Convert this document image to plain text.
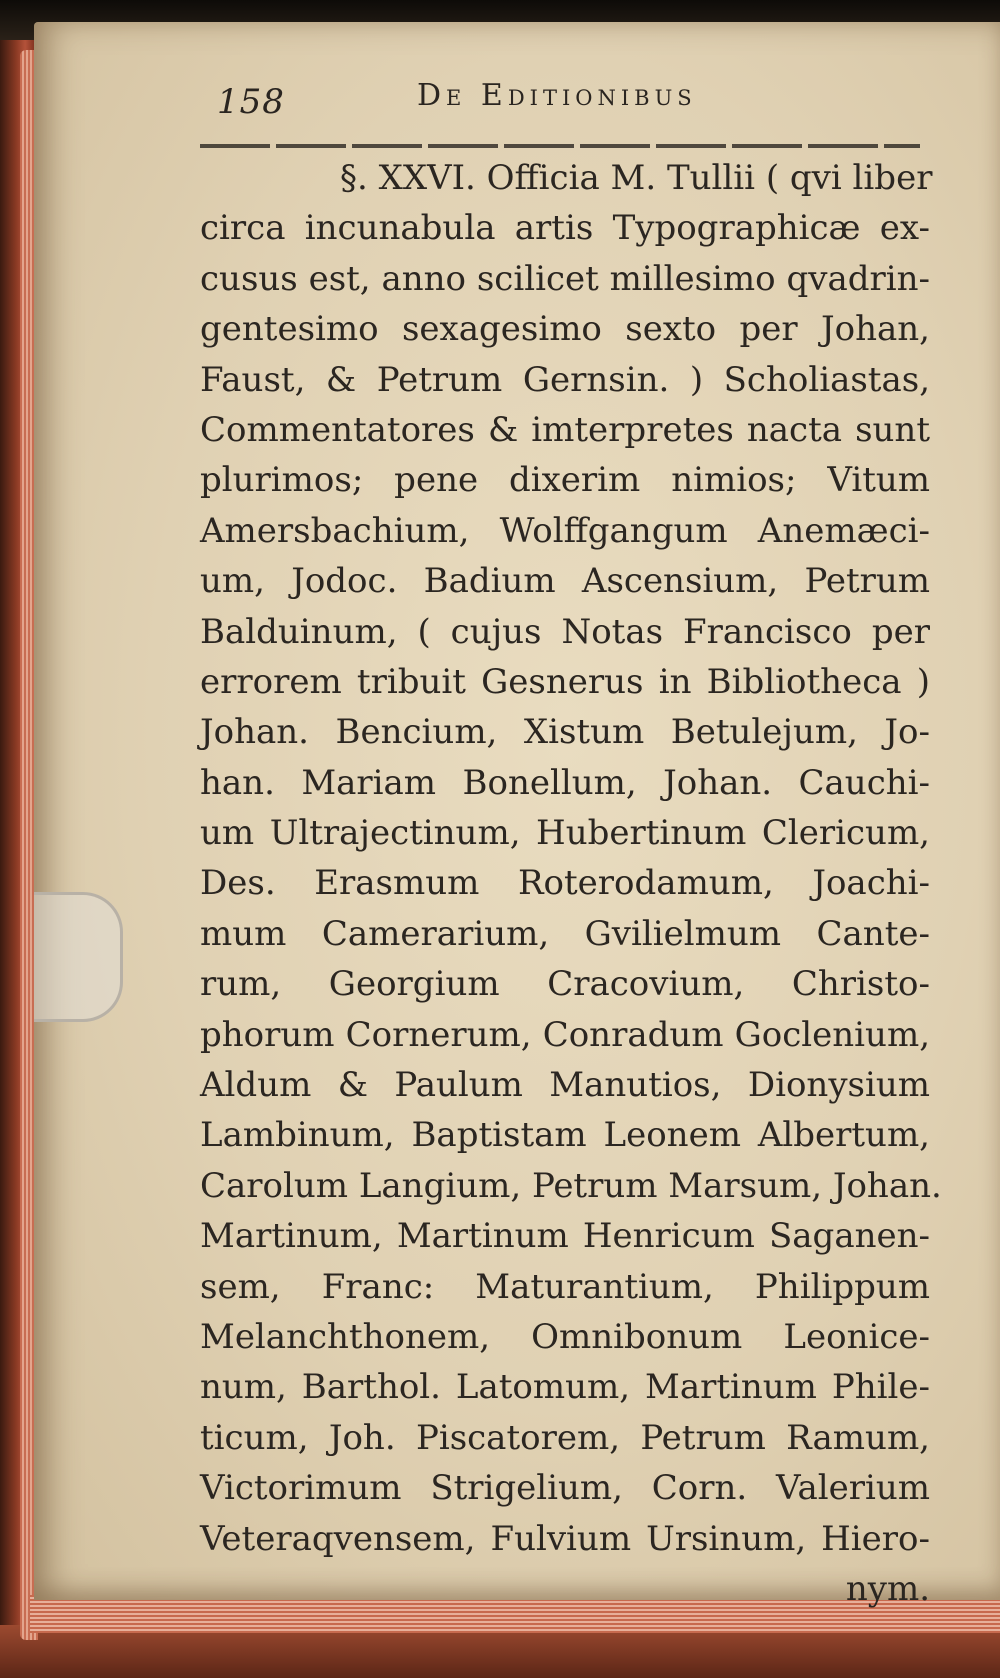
158	De Editionibus
§. XXVI. Officia M. Tullii ( qvi liber
circa incunabula artis Typographicæ ex-
cusus est, anno scilicet millesimo qvadrin-
gentesimo sexagesimo sexto per Johan,
Faust, & Petrum Gernsin. ) Scholiastas,
Commentatores & imterpretes nacta sunt
plurimos; pene dixerim nimios; Vitum
Amersbachium, Wolffgangum Anemæci-
um, Jodoc. Badium Ascensium, Petrum
Balduinum, ( cujus Notas Francisco per
errorem tribuit Gesnerus in Bibliotheca )
Johan. Bencium, Xistum Betulejum, Jo-
han. Mariam Bonellum, Johan. Cauchi-
um Ultrajectinum, Hubertinum Clericum,
Des. Erasmum Roterodamum, Joachi-
mum Camerarium, Gvilielmum Cante-
rum, Georgium Cracovium, Christo-
phorum Cornerum, Conradum Goclenium,
Aldum & Paulum Manutios, Dionysium
Lambinum, Baptistam Leonem Albertum,
Carolum Langium, Petrum Marsum, Johan.
Martinum, Martinum Henricum Saganen-
sem, Franc: Maturantium, Philippum
Melanchthonem, Omnibonum Leonice-
num, Barthol. Latomum, Martinum Phile-
ticum, Joh. Piscatorem, Petrum Ramum,
Victorimum Strigelium, Corn. Valerium
Veteraqvensem, Fulvium Ursinum, Hiero-
nym.
